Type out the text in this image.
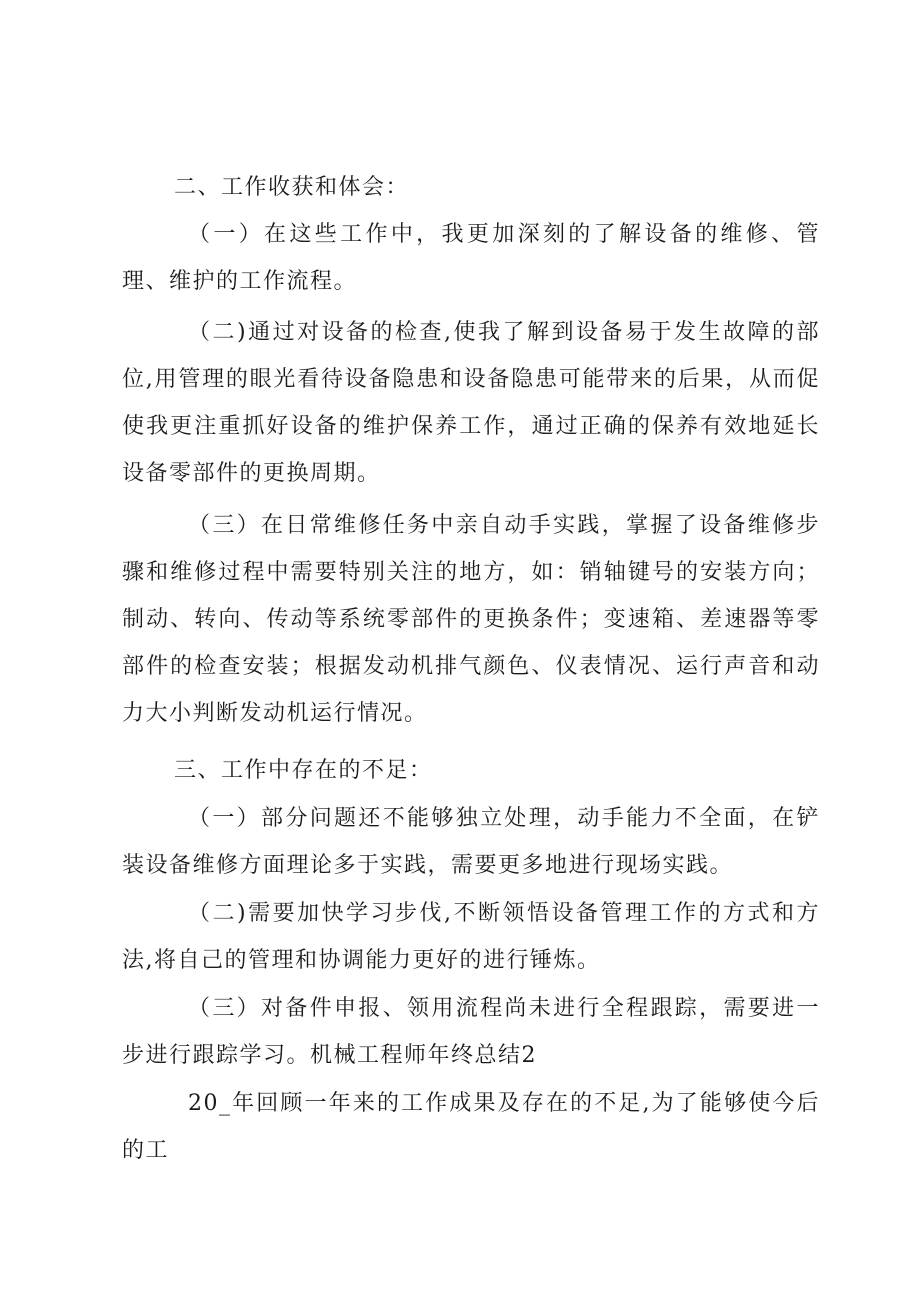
二、工作收获和体会：

（一）在这些工作中，我更加深刻的了解设备的维修、管理、维护的工作流程。

（二)通过对设备的检查,使我了解到设备易于发生故障的部位,用管理的眼光看待设备隐患和设备隐患可能带来的后果，从而促使我更注重抓好设备的维护保养工作，通过正确的保养有效地延长设备零部件的更换周期。

（三）在日常维修任务中亲自动手实践，掌握了设备维修步骤和维修过程中需要特别关注的地方，如：销轴键号的安装方向；制动、转向、传动等系统零部件的更换条件；变速箱、差速器等零部件的检查安装；根据发动机排气颜色、仪表情况、运行声音和动力大小判断发动机运行情况。

三、工作中存在的不足：

（一）部分问题还不能够独立处理，动手能力不全面，在铲装设备维修方面理论多于实践，需要更多地进行现场实践。

（二)需要加快学习步伐,不断领悟设备管理工作的方式和方法,将自己的管理和协调能力更好的进行锤炼。

（三）对备件申报、领用流程尚未进行全程跟踪，需要进一步进行跟踪学习。机械工程师年终总结2

20_年回顾一年来的工作成果及存在的不足,为了能够使今后的工
